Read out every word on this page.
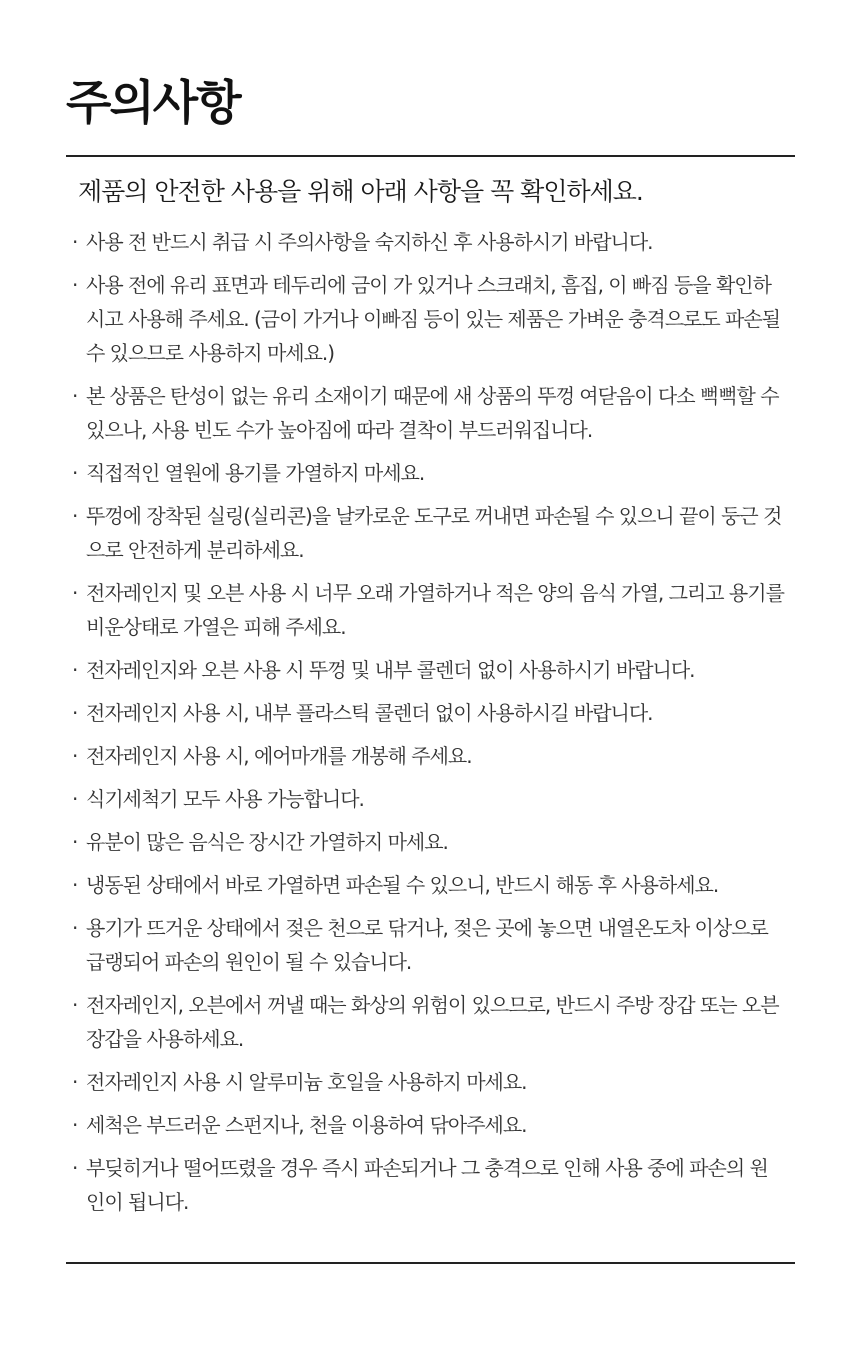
주의사항
제품의 안전한 사용을 위해 아래 사항을 꼭 확인하세요.
· 사용 전 반드시 취급 시 주의사항을 숙지하신 후 사용하시기 바랍니다.
· 사용 전에 유리 표면과 테두리에 금이 가 있거나 스크래치, 흠집, 이 빠짐 등을 확인하시고 사용해 주세요. (금이 가거나 이빠짐 등이 있는 제품은 가벼운 충격으로도 파손될 수 있으므로 사용하지 마세요.)
· 본 상품은 탄성이 없는 유리 소재이기 때문에 새 상품의 뚜껑 여닫음이 다소 뻑뻑할 수 있으나, 사용 빈도 수가 높아짐에 따라 결착이 부드러워집니다.
· 직접적인 열원에 용기를 가열하지 마세요.
· 뚜껑에 장착된 실링(실리콘)을 날카로운 도구로 꺼내면 파손될 수 있으니 끝이 둥근 것으로 안전하게 분리하세요.
· 전자레인지 및 오븐 사용 시 너무 오래 가열하거나 적은 양의 음식 가열, 그리고 용기를 비운상태로 가열은 피해 주세요.
· 전자레인지와 오븐 사용 시 뚜껑 및 내부 콜렌더 없이 사용하시기 바랍니다.
· 전자레인지 사용 시, 내부 플라스틱 콜렌더 없이 사용하시길 바랍니다.
· 전자레인지 사용 시, 에어마개를 개봉해 주세요.
· 식기세척기 모두 사용 가능합니다.
· 유분이 많은 음식은 장시간 가열하지 마세요.
· 냉동된 상태에서 바로 가열하면 파손될 수 있으니, 반드시 해동 후 사용하세요.
· 용기가 뜨거운 상태에서 젖은 천으로 닦거나, 젖은 곳에 놓으면 내열온도차 이상으로 급랭되어 파손의 원인이 될 수 있습니다.
· 전자레인지, 오븐에서 꺼낼 때는 화상의 위험이 있으므로, 반드시 주방 장갑 또는 오븐장갑을 사용하세요.
· 전자레인지 사용 시 알루미늄 호일을 사용하지 마세요.
· 세척은 부드러운 스펀지나, 천을 이용하여 닦아주세요.
· 부딪히거나 떨어뜨렸을 경우 즉시 파손되거나 그 충격으로 인해 사용 중에 파손의 원인이 됩니다.
